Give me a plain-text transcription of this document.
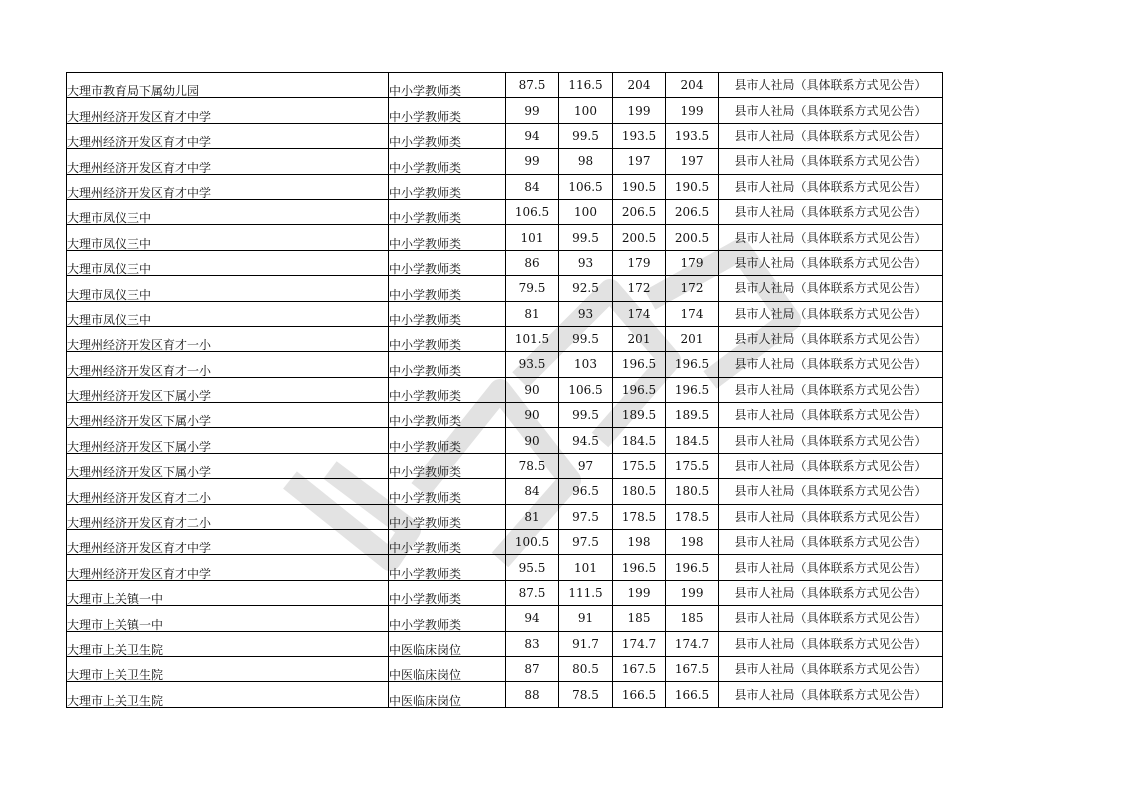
大理市教育局下属幼儿园	中小学教师类	87.5	116.5	204	204	县市人社局（具体联系方式见公告）
大理州经济开发区育才中学	中小学教师类	99	100	199	199	县市人社局（具体联系方式见公告）
大理州经济开发区育才中学	中小学教师类	94	99.5	193.5	193.5	县市人社局（具体联系方式见公告）
大理州经济开发区育才中学	中小学教师类	99	98	197	197	县市人社局（具体联系方式见公告）
大理州经济开发区育才中学	中小学教师类	84	106.5	190.5	190.5	县市人社局（具体联系方式见公告）
大理市凤仪三中	中小学教师类	106.5	100	206.5	206.5	县市人社局（具体联系方式见公告）
大理市凤仪三中	中小学教师类	101	99.5	200.5	200.5	县市人社局（具体联系方式见公告）
大理市凤仪三中	中小学教师类	86	93	179	179	县市人社局（具体联系方式见公告）
大理市凤仪三中	中小学教师类	79.5	92.5	172	172	县市人社局（具体联系方式见公告）
大理市凤仪三中	中小学教师类	81	93	174	174	县市人社局（具体联系方式见公告）
大理州经济开发区育才一小	中小学教师类	101.5	99.5	201	201	县市人社局（具体联系方式见公告）
大理州经济开发区育才一小	中小学教师类	93.5	103	196.5	196.5	县市人社局（具体联系方式见公告）
大理州经济开发区下属小学	中小学教师类	90	106.5	196.5	196.5	县市人社局（具体联系方式见公告）
大理州经济开发区下属小学	中小学教师类	90	99.5	189.5	189.5	县市人社局（具体联系方式见公告）
大理州经济开发区下属小学	中小学教师类	90	94.5	184.5	184.5	县市人社局（具体联系方式见公告）
大理州经济开发区下属小学	中小学教师类	78.5	97	175.5	175.5	县市人社局（具体联系方式见公告）
大理州经济开发区育才二小	中小学教师类	84	96.5	180.5	180.5	县市人社局（具体联系方式见公告）
大理州经济开发区育才二小	中小学教师类	81	97.5	178.5	178.5	县市人社局（具体联系方式见公告）
大理州经济开发区育才中学	中小学教师类	100.5	97.5	198	198	县市人社局（具体联系方式见公告）
大理州经济开发区育才中学	中小学教师类	95.5	101	196.5	196.5	县市人社局（具体联系方式见公告）
大理市上关镇一中	中小学教师类	87.5	111.5	199	199	县市人社局（具体联系方式见公告）
大理市上关镇一中	中小学教师类	94	91	185	185	县市人社局（具体联系方式见公告）
大理市上关卫生院	中医临床岗位	83	91.7	174.7	174.7	县市人社局（具体联系方式见公告）
大理市上关卫生院	中医临床岗位	87	80.5	167.5	167.5	县市人社局（具体联系方式见公告）
大理市上关卫生院	中医临床岗位	88	78.5	166.5	166.5	县市人社局（具体联系方式见公告）
